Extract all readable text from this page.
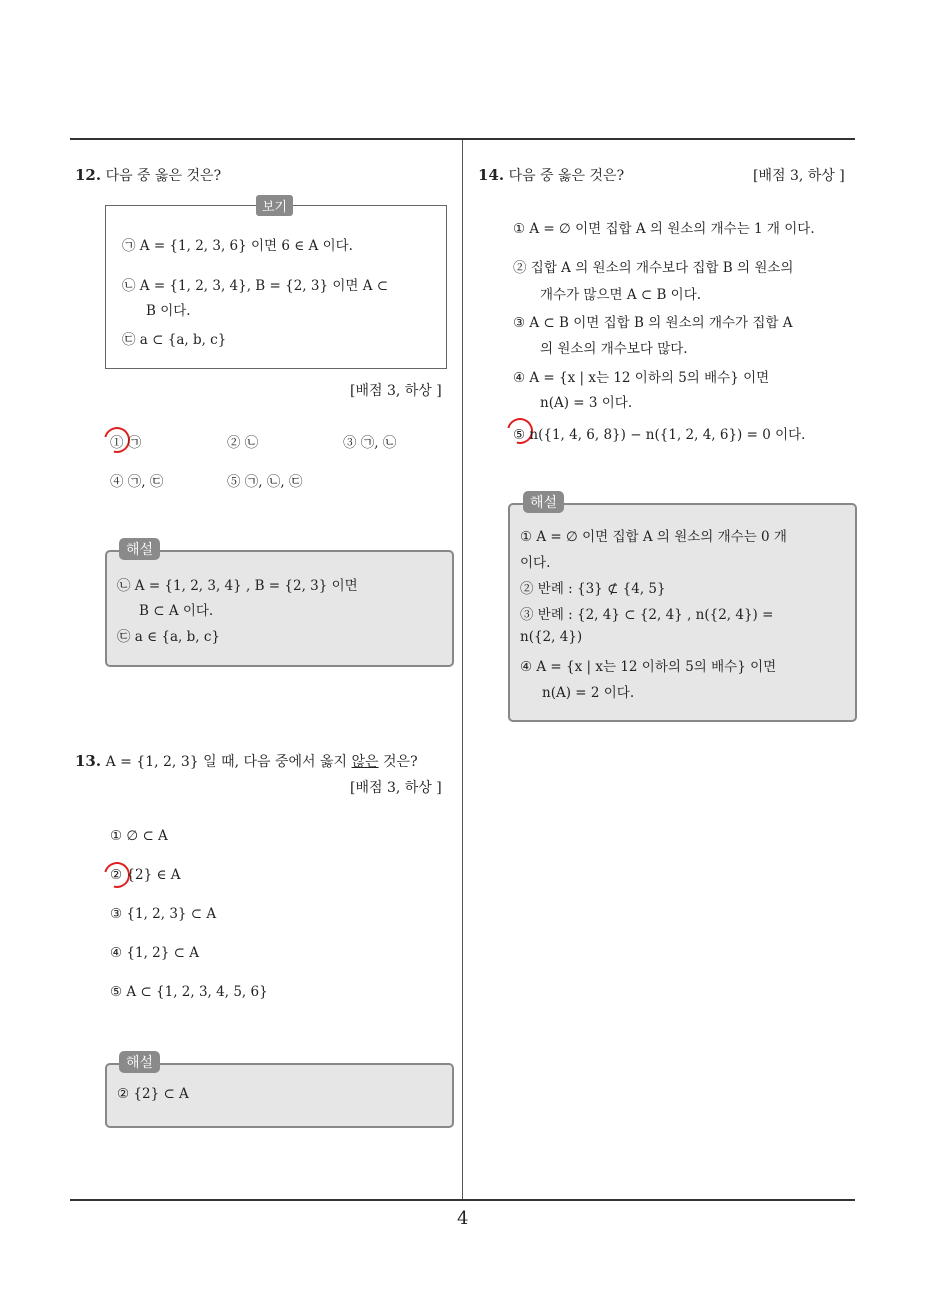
4
12. 다음 중 옳은 것은?
보기
㉠ A = {1, 2, 3, 6} 이면 6 ∈ A 이다.
㉡ A = {1, 2, 3, 4}, B = {2, 3} 이면 A ⊂
B 이다.
㉢ a ⊂ {a, b, c}
[배점 3, 하상 ]
① ㉠	② ㉡	③ ㉠, ㉡
④ ㉠, ㉢	⑤ ㉠, ㉡, ㉢
해설
㉡ A = {1, 2, 3, 4} , B = {2, 3} 이면
B ⊂ A 이다.
㉢ a ∈ {a, b, c}
13. A = {1, 2, 3} 일 때, 다음 중에서 옳지 않은 것은?
[배점 3, 하상 ]
① ∅ ⊂ A
② {2} ∈ A
③ {1, 2, 3} ⊂ A
④ {1, 2} ⊂ A
⑤ A ⊂ {1, 2, 3, 4, 5, 6}
해설
② {2} ⊂ A
14. 다음 중 옳은 것은?	[배점 3, 하상 ]
① A = ∅ 이면 집합 A 의 원소의 개수는 1 개 이다.
② 집합 A 의 원소의 개수보다 집합 B 의 원소의
개수가 많으면 A ⊂ B 이다.
③ A ⊂ B 이면 집합 B 의 원소의 개수가 집합 A
의 원소의 개수보다 많다.
④ A = {x | x는 12 이하의 5의 배수} 이면
n(A) = 3 이다.
⑤ n({1, 4, 6, 8}) − n({1, 2, 4, 6}) = 0 이다.
해설
① A = ∅ 이면 집합 A 의 원소의 개수는 0 개
이다.
② 반례 : {3} ⊄ {4, 5}
③ 반례 : {2, 4} ⊂ {2, 4} , n({2, 4}) =
n({2, 4})
④ A = {x | x는 12 이하의 5의 배수} 이면
n(A) = 2 이다.
